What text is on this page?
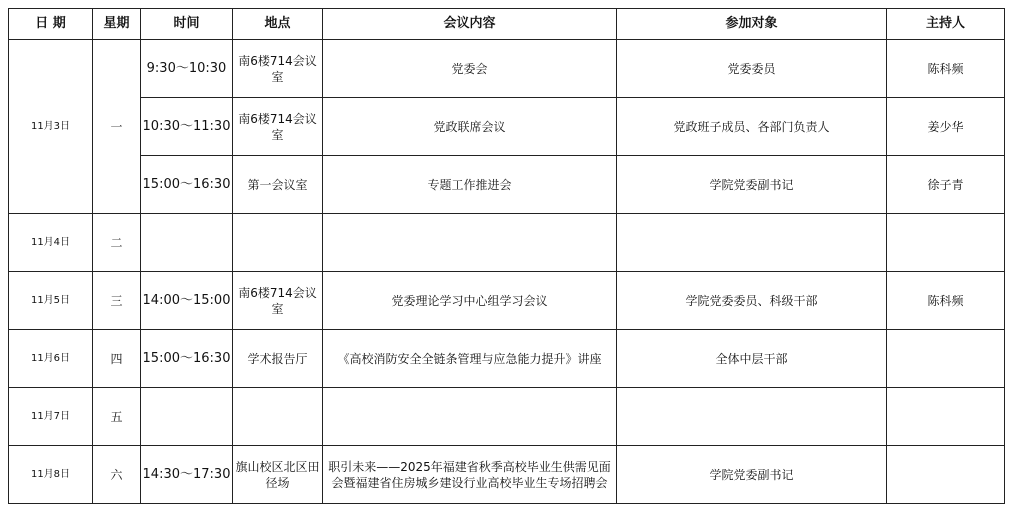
日 期	星期	时间	地点	会议内容	参加对象	主持人
11月3日	一	9:30～10:30	南6楼714会议室	党委会	党委委员	陈科频
		10:30～11:30	南6楼714会议室	党政联席会议	党政班子成员、各部门负责人	姜少华
		15:00～16:30	第一会议室	专题工作推进会	学院党委副书记	徐子青
11月4日	二					
11月5日	三	14:00～15:00	南6楼714会议室	党委理论学习中心组学习会议	学院党委委员、科级干部	陈科频
11月6日	四	15:00～16:30	学术报告厅	《高校消防安全全链条管理与应急能力提升》讲座	全体中层干部	
11月7日	五					
11月8日	六	14:30～17:30	旗山校区北区田径场	职引未来——2025年福建省秋季高校毕业生供需见面会暨福建省住房城乡建设行业高校毕业生专场招聘会	学院党委副书记	
